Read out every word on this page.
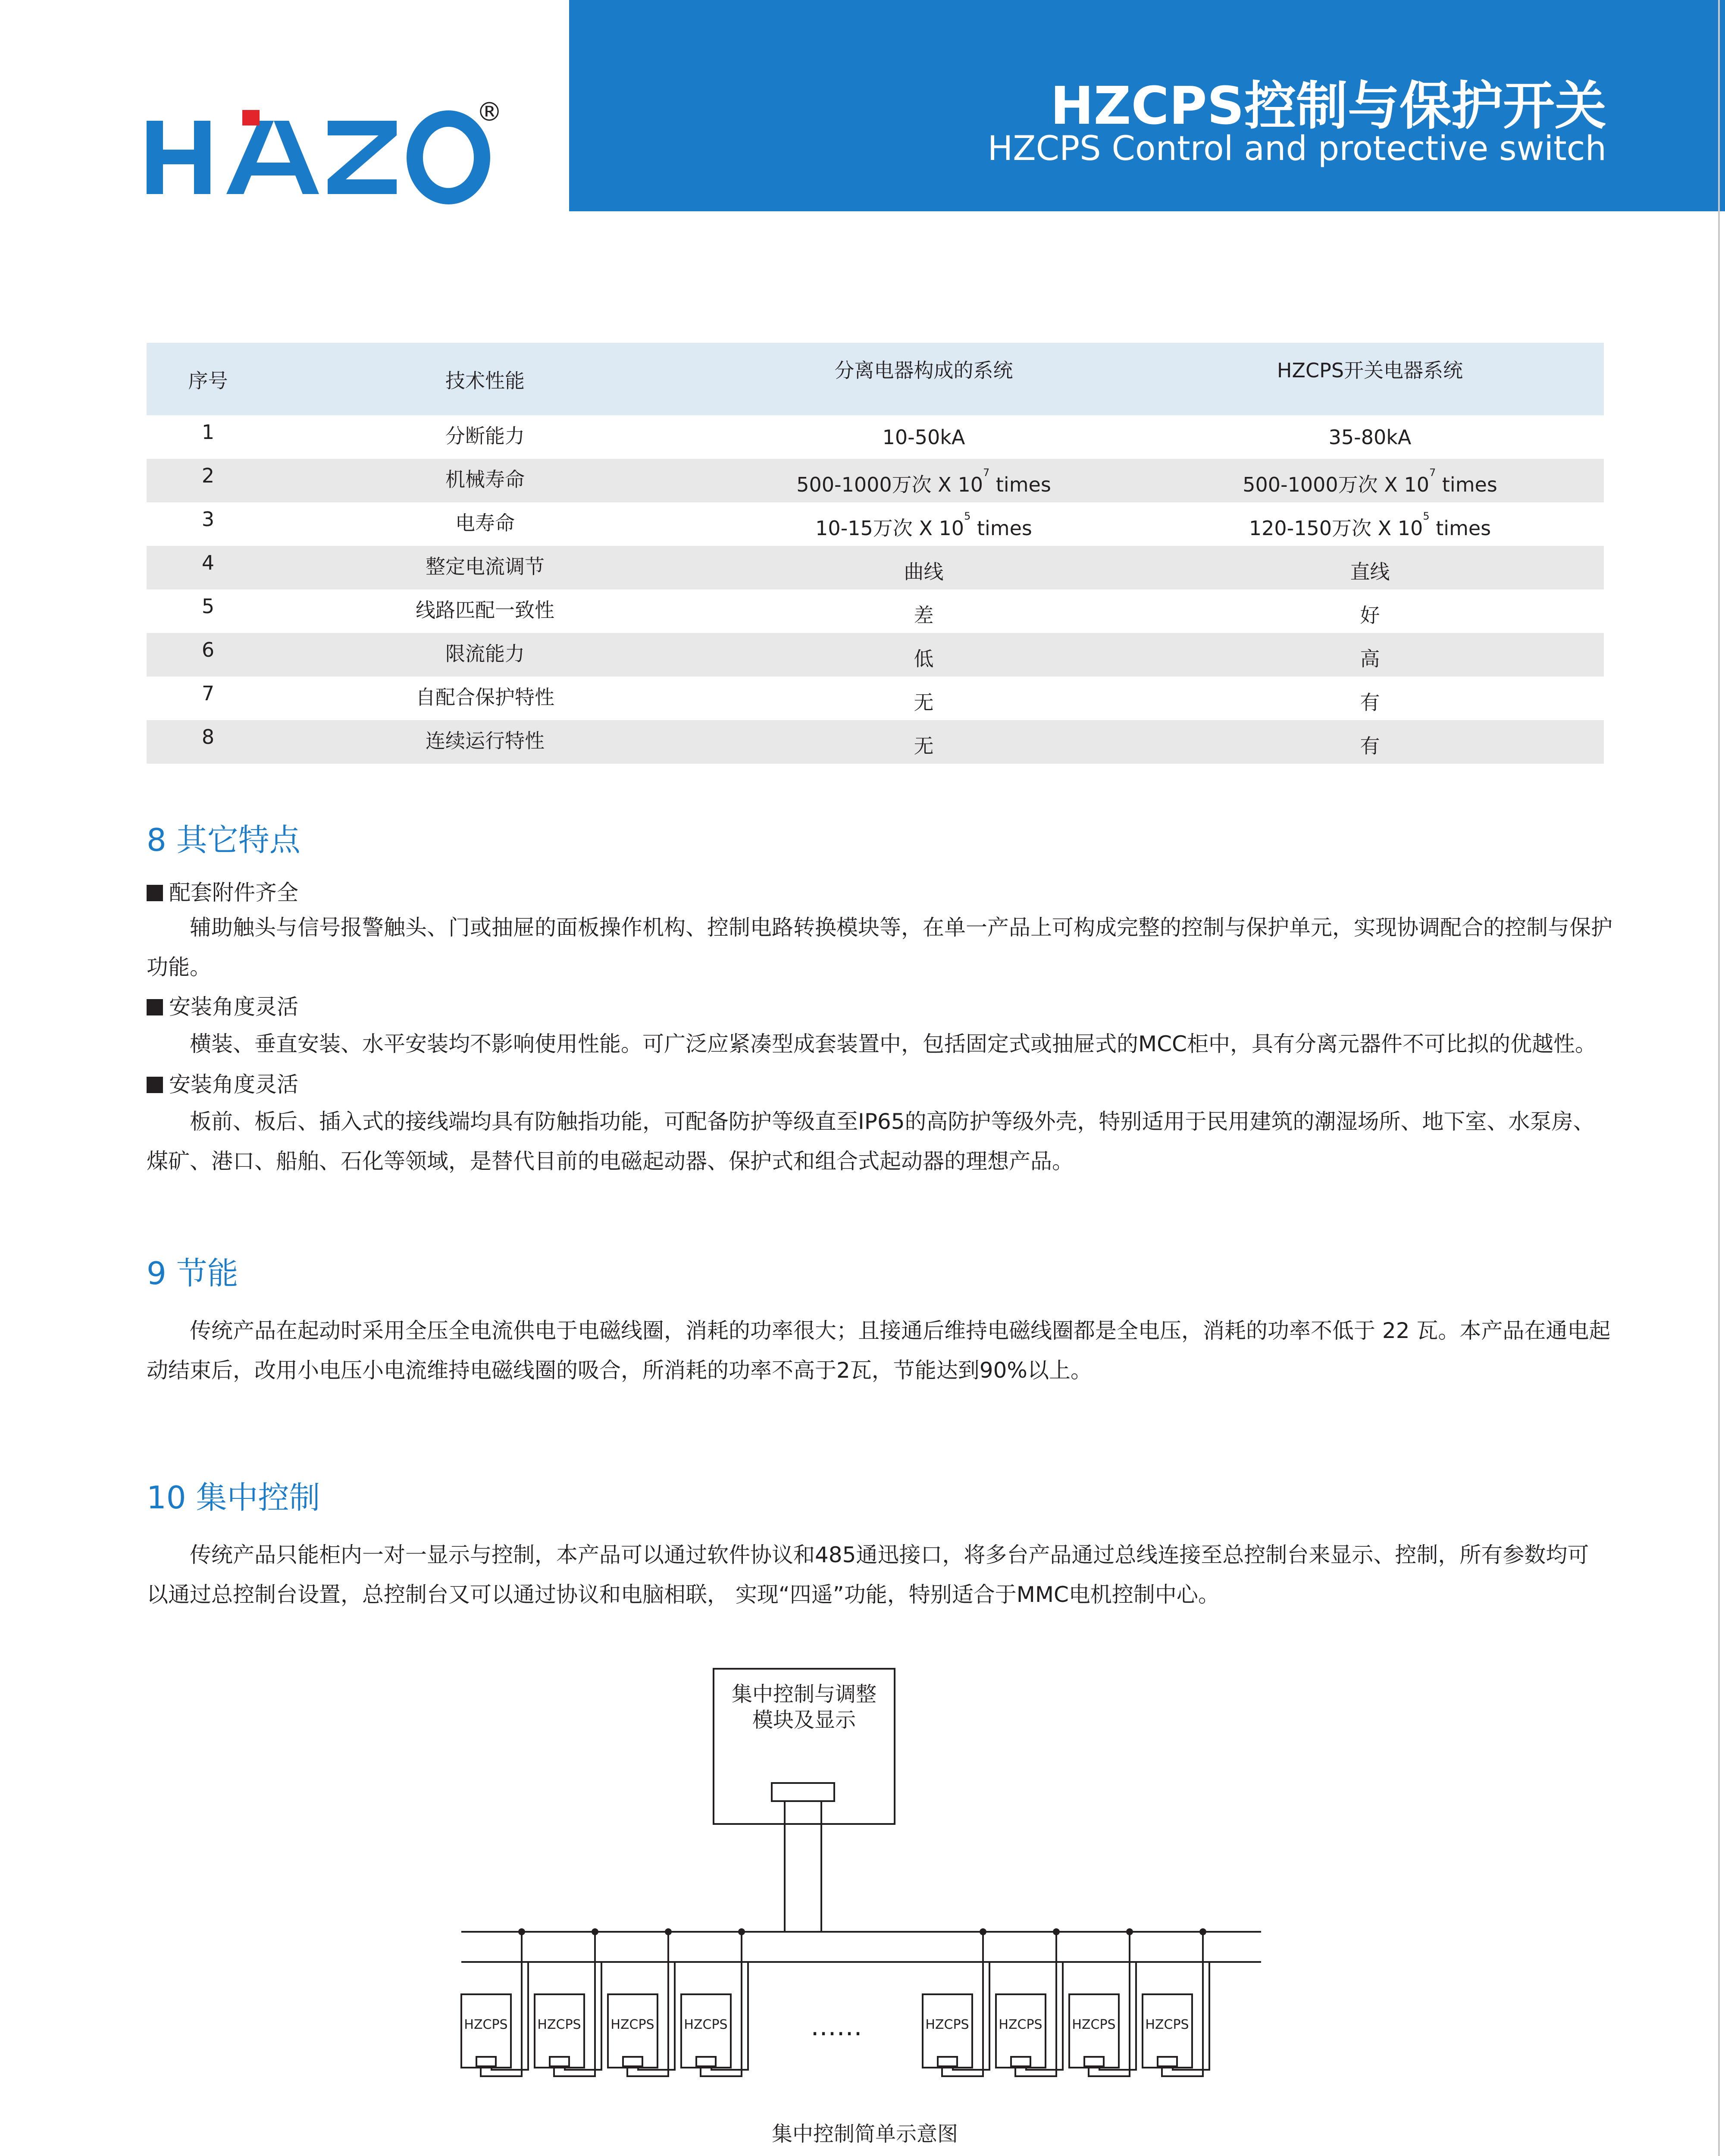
®	HZCPS控制与保护开关
HZCPS Control and protective switch
序号	技术性能	分离电器构成的系统	HZCPS开关电器系统
1	分断能力	10-50kA	35-80kA
2	机械寿命	500-1000万次 X $10^7$ times	500-1000万次 X $10^7$ times
3	电寿命	10-15万次 X $10^5$ times	120-150万次 X $10^5$ times
4	整定电流调节	曲线	直线
5	线路匹配一致性	差	好
6	限流能力	低	高
7	自配合保护特性	无	有
8	连续运行特性	无	有
8 其它特点
配套附件齐全
辅助触头与信号报警触头、门或抽屉的面板操作机构、控制电路转换模块等，在单一产品上可构成完整的控制与保护单元，实现协调配合的控制与保护
功能。
安装角度灵活
横装、垂直安装、水平安装均不影响使用性能。可广泛应紧凑型成套装置中，包括固定式或抽屉式的MCC柜中，具有分离元器件不可比拟的优越性。
安装角度灵活
板前、板后、插入式的接线端均具有防触指功能，可配备防护等级直至IP65的高防护等级外壳，特别适用于民用建筑的潮湿场所、地下室、水泵房、
煤矿、港口、船舶、石化等领域，是替代目前的电磁起动器、保护式和组合式起动器的理想产品。
9 节能
传统产品在起动时采用全压全电流供电于电磁线圈，消耗的功率很大；且接通后维持电磁线圈都是全电压，消耗的功率不低于 22 瓦。本产品在通电起
动结束后，改用小电压小电流维持电磁线圈的吸合，所消耗的功率不高于2瓦，节能达到90%以上。
10 集中控制
传统产品只能柜内一对一显示与控制，本产品可以通过软件协议和485通迅接口，将多台产品通过总线连接至总控制台来显示、控制，所有参数均可
以通过总控制台设置，总控制台又可以通过协议和电脑相联， 实现“四遥”功能，特别适合于MMC电机控制中心。
HZCPS HZCPS HZCPS HZCPS	HZCPS HZCPS HZCPS HZCPS
集中控制与调整
模块及显示
……
集中控制简单示意图
